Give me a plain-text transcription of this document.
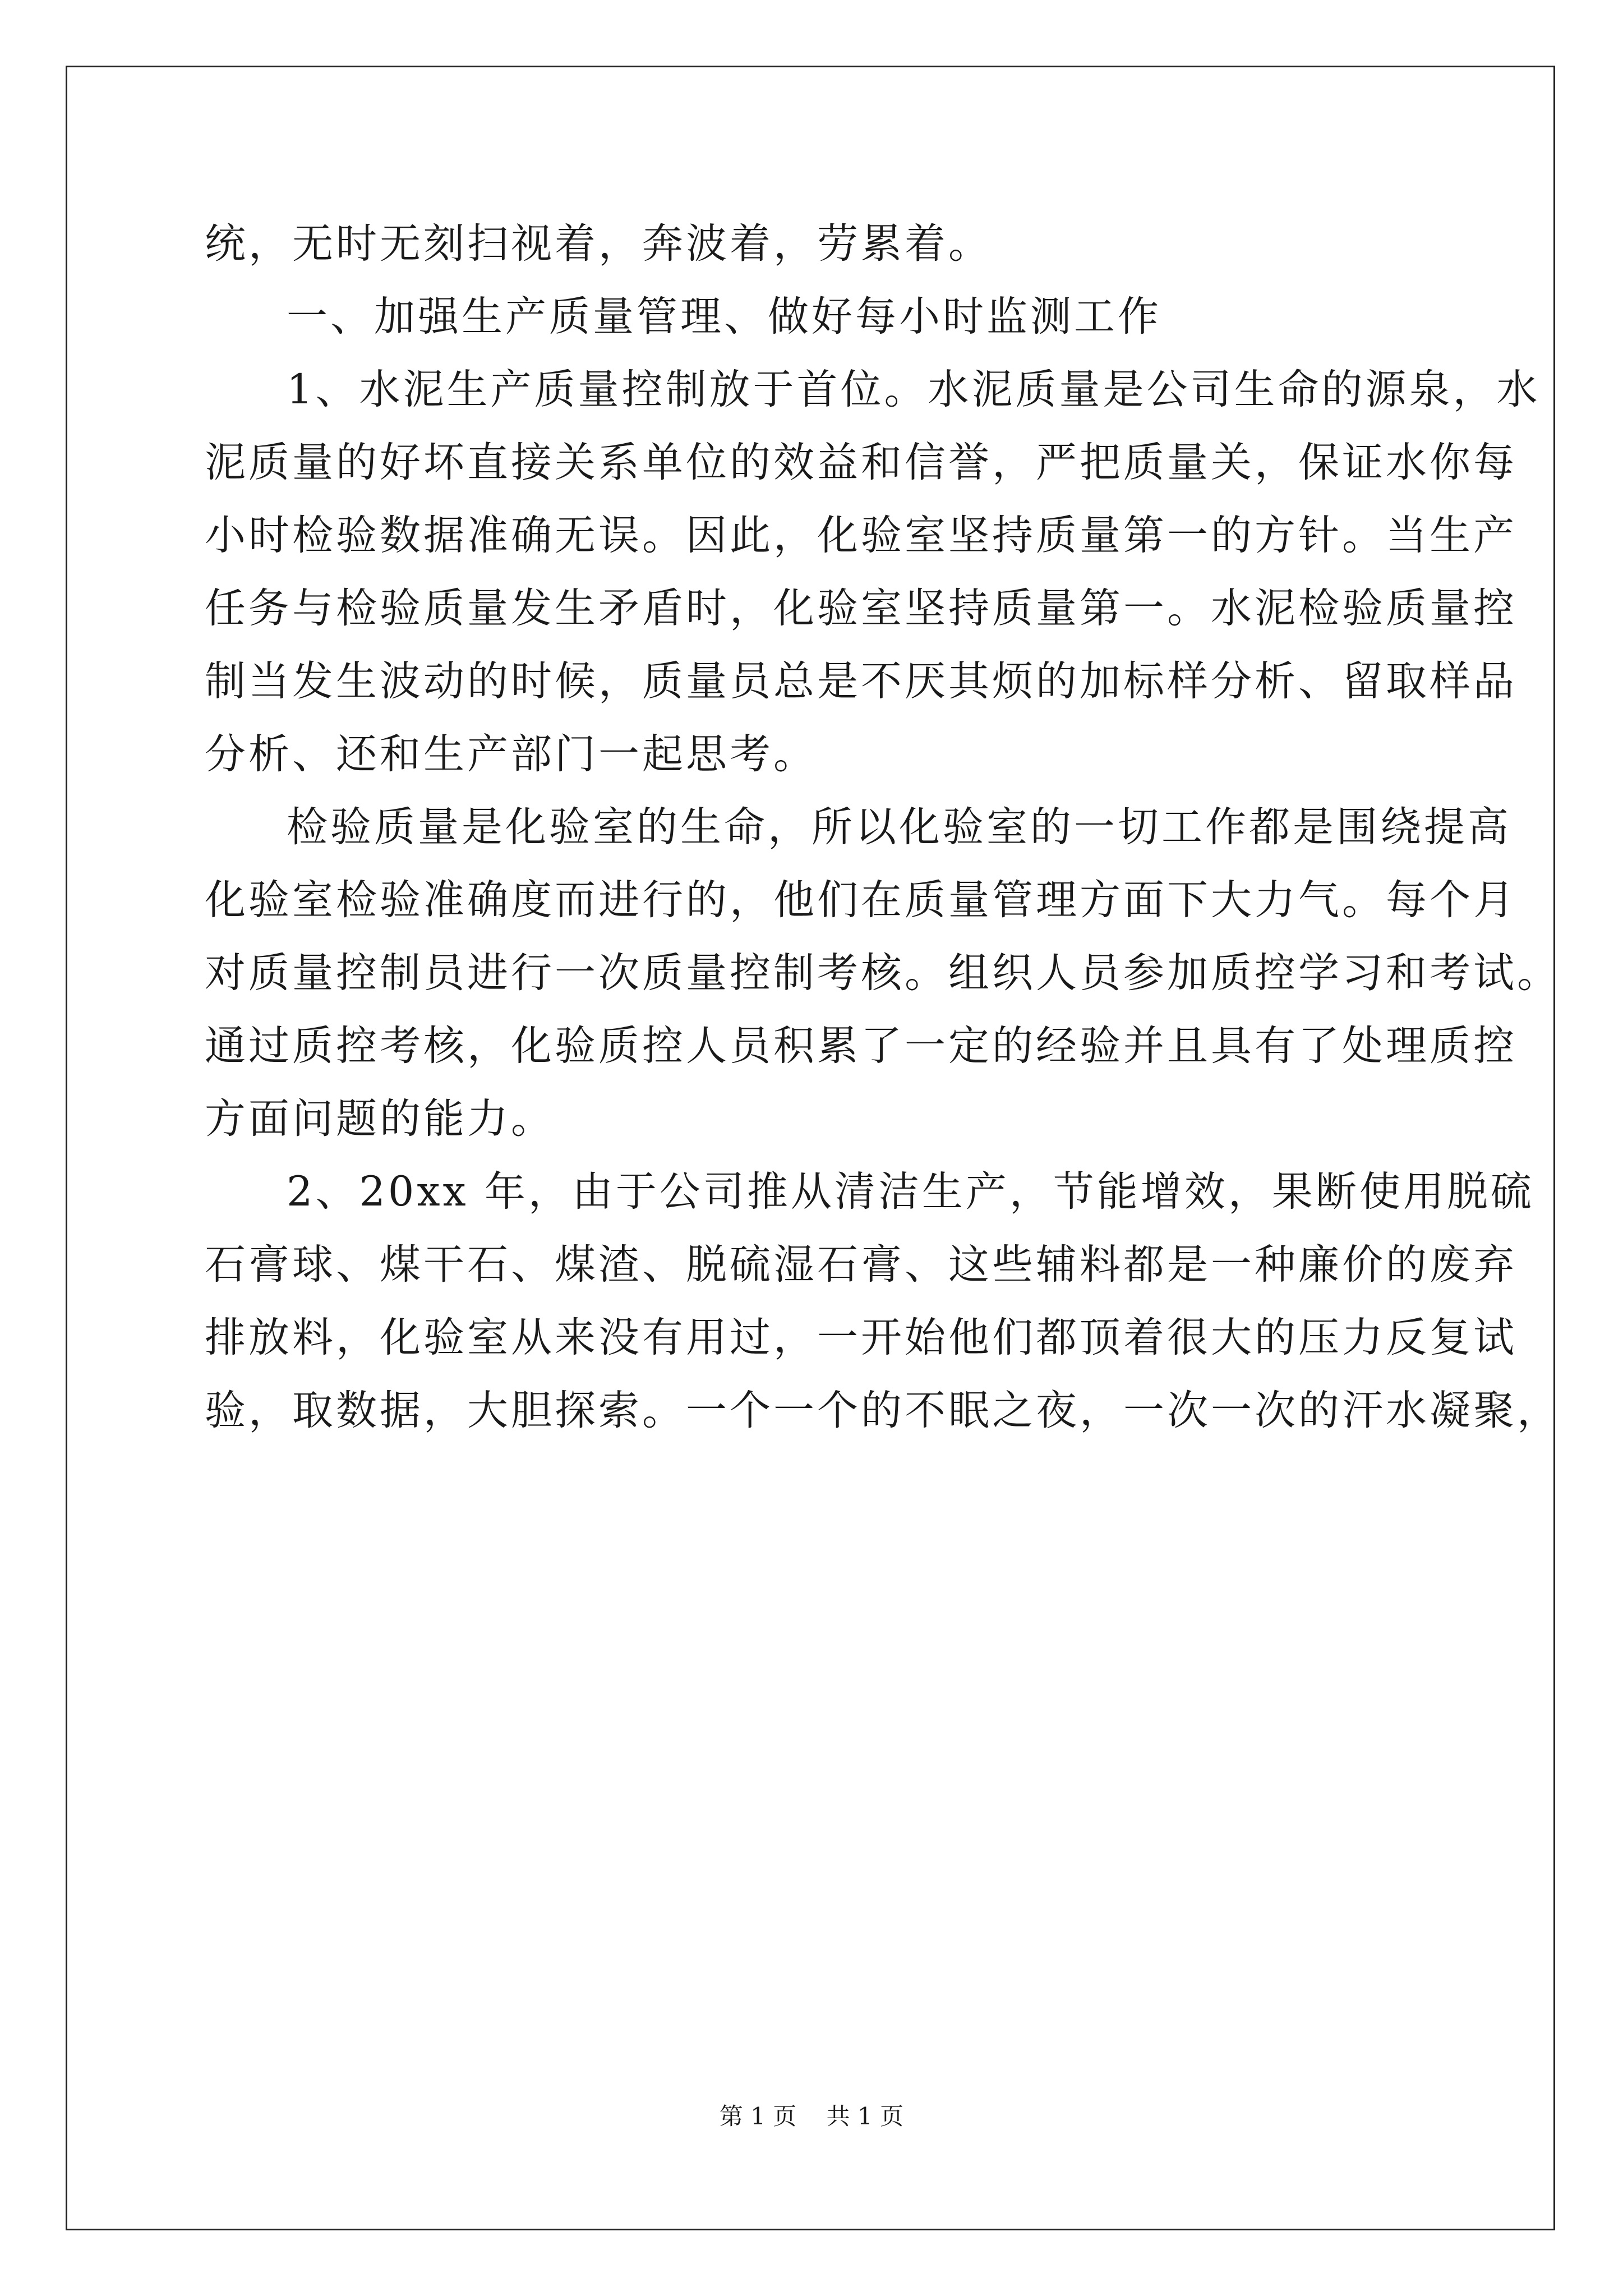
统，无时无刻扫视着，奔波着，劳累着。
一、加强生产质量管理、做好每小时监测工作
1、水泥生产质量控制放于首位。水泥质量是公司生命的源泉，水
泥质量的好坏直接关系单位的效益和信誉，严把质量关，保证水你每
小时检验数据准确无误。因此，化验室坚持质量第一的方针。当生产
任务与检验质量发生矛盾时，化验室坚持质量第一。水泥检验质量控
制当发生波动的时候，质量员总是不厌其烦的加标样分析、留取样品
分析、还和生产部门一起思考。
检验质量是化验室的生命，所以化验室的一切工作都是围绕提高
化验室检验准确度而进行的，他们在质量管理方面下大力气。每个月
对质量控制员进行一次质量控制考核。组织人员参加质控学习和考试。
通过质控考核，化验质控人员积累了一定的经验并且具有了处理质控
方面问题的能力。
2、20xx 年，由于公司推从清洁生产，节能增效，果断使用脱硫
石膏球、煤干石、煤渣、脱硫湿石膏、这些辅料都是一种廉价的废弃
排放料，化验室从来没有用过，一开始他们都顶着很大的压力反复试
验，取数据，大胆探索。一个一个的不眠之夜，一次一次的汗水凝聚，
第 1 页 共 1 页
